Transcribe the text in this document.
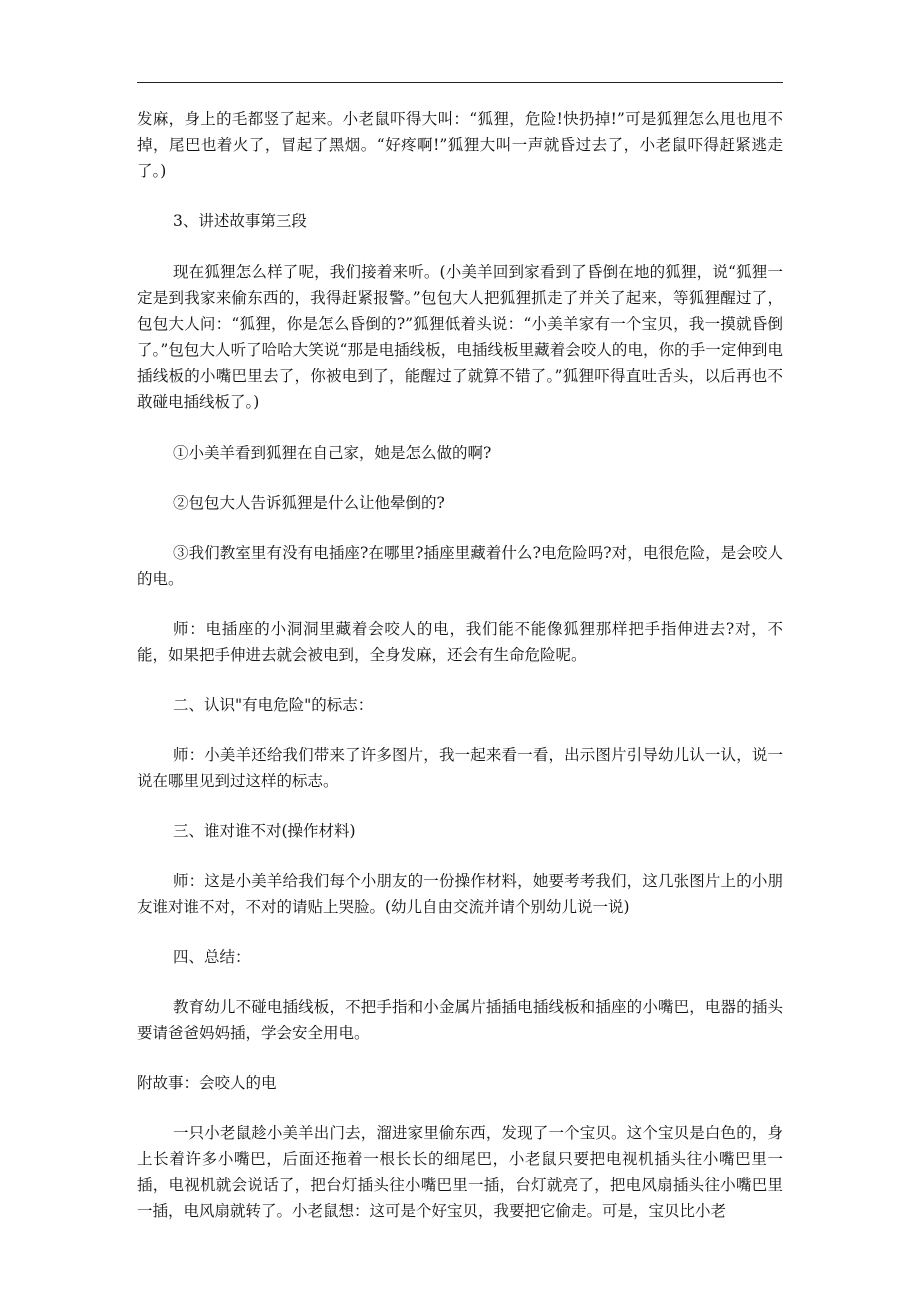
发麻，身上的毛都竖了起来。小老鼠吓得大叫：“狐狸，危险!快扔掉!”可是狐狸怎么甩也甩不掉，尾巴也着火了，冒起了黑烟。“好疼啊!”狐狸大叫一声就昏过去了，小老鼠吓得赶紧逃走了。)

3、讲述故事第三段

现在狐狸怎么样了呢，我们接着来听。(小美羊回到家看到了昏倒在地的狐狸，说“狐狸一定是到我家来偷东西的，我得赶紧报警。”包包大人把狐狸抓走了并关了起来，等狐狸醒过了，包包大人问：“狐狸，你是怎么昏倒的?”狐狸低着头说：“小美羊家有一个宝贝，我一摸就昏倒了。”包包大人听了哈哈大笑说“那是电插线板，电插线板里藏着会咬人的电，你的手一定伸到电插线板的小嘴巴里去了，你被电到了，能醒过了就算不错了。”狐狸吓得直吐舌头，以后再也不敢碰电插线板了。)

①小美羊看到狐狸在自己家，她是怎么做的啊?

②包包大人告诉狐狸是什么让他晕倒的?

③我们教室里有没有电插座?在哪里?插座里藏着什么?电危险吗?对，电很危险，是会咬人的电。

师：电插座的小洞洞里藏着会咬人的电，我们能不能像狐狸那样把手指伸进去?对，不能，如果把手伸进去就会被电到，全身发麻，还会有生命危险呢。

二、认识"有电危险"的标志：

师：小美羊还给我们带来了许多图片，我一起来看一看，出示图片引导幼儿认一认，说一说在哪里见到过这样的标志。

三、谁对谁不对(操作材料)

师：这是小美羊给我们每个小朋友的一份操作材料，她要考考我们，这几张图片上的小朋友谁对谁不对，不对的请贴上哭脸。(幼儿自由交流并请个别幼儿说一说)

四、总结：

教育幼儿不碰电插线板，不把手指和小金属片插插电插线板和插座的小嘴巴，电器的插头要请爸爸妈妈插，学会安全用电。

附故事：会咬人的电

一只小老鼠趁小美羊出门去，溜进家里偷东西，发现了一个宝贝。这个宝贝是白色的，身上长着许多小嘴巴，后面还拖着一根长长的细尾巴，小老鼠只要把电视机插头往小嘴巴里一插，电视机就会说话了，把台灯插头往小嘴巴里一插，台灯就亮了，把电风扇插头往小嘴巴里一插，电风扇就转了。小老鼠想：这可是个好宝贝，我要把它偷走。可是，宝贝比小老
